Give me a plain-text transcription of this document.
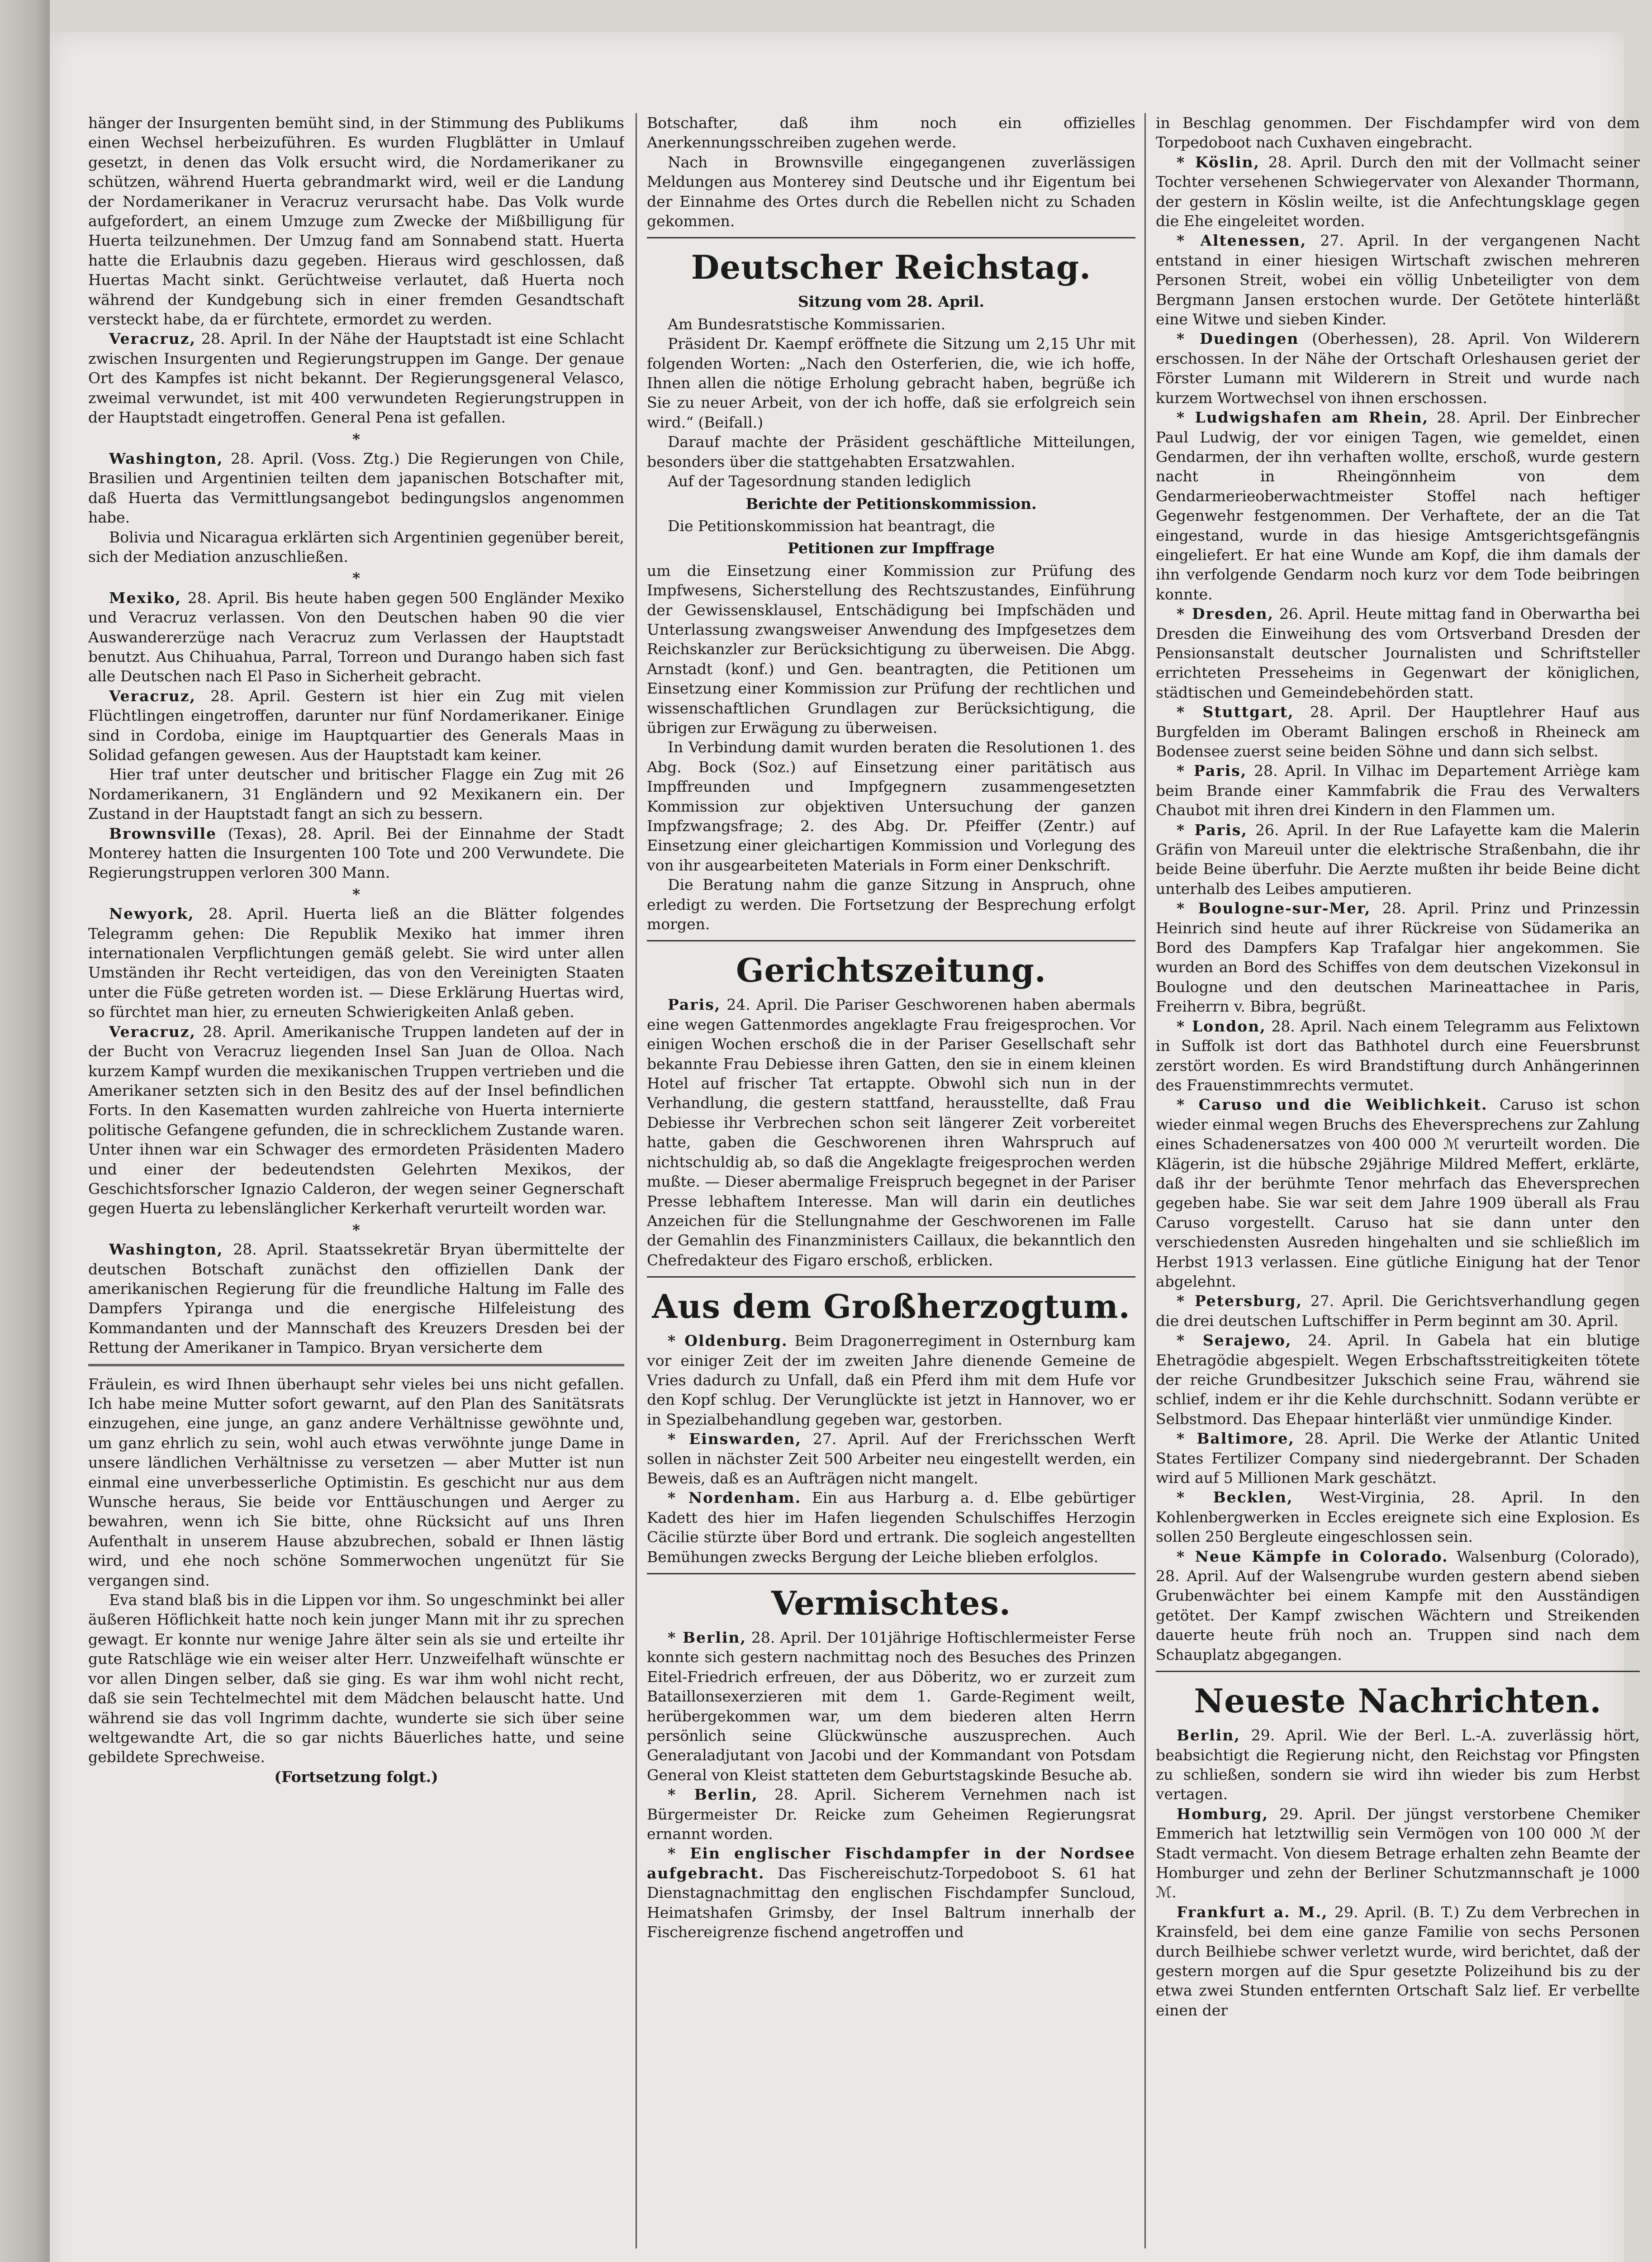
hänger der Insurgenten bemüht sind, in der Stimmung des Publikums einen Wechsel herbeizuführen. Es wurden Flugblätter in Umlauf gesetzt, in denen das Volk ersucht wird, die Nordamerikaner zu schützen, während Huerta gebrandmarkt wird, weil er die Landung der Nordamerikaner in Veracruz verursacht habe. Das Volk wurde aufgefordert, an einem Umzuge zum Zwecke der Mißbilligung für Huerta teilzunehmen. Der Umzug fand am Sonnabend statt. Huerta hatte die Erlaubnis dazu gegeben. Hieraus wird geschlossen, daß Huertas Macht sinkt. Gerüchtweise verlautet, daß Huerta noch während der Kundgebung sich in einer fremden Gesandtschaft versteckt habe, da er fürchtete, ermordet zu werden.

Veracruz, 28. April. In der Nähe der Hauptstadt ist eine Schlacht zwischen Insurgenten und Regierungstruppen im Gange. Der genaue Ort des Kampfes ist nicht bekannt. Der Regierungsgeneral Velasco, zweimal verwundet, ist mit 400 verwundeten Regierungstruppen in der Hauptstadt eingetroffen. General Pena ist gefallen.

*

Washington, 28. April. (Voss. Ztg.) Die Regierungen von Chile, Brasilien und Argentinien teilten dem japanischen Botschafter mit, daß Huerta das Vermittlungsangebot bedingungslos angenommen habe.

Bolivia und Nicaragua erklärten sich Argentinien gegenüber bereit, sich der Mediation anzuschließen.

*

Mexiko, 28. April. Bis heute haben gegen 500 Engländer Mexiko und Veracruz verlassen. Von den Deutschen haben 90 die vier Auswandererzüge nach Veracruz zum Verlassen der Hauptstadt benutzt. Aus Chihuahua, Parral, Torreon und Durango haben sich fast alle Deutschen nach El Paso in Sicherheit gebracht.

Veracruz, 28. April. Gestern ist hier ein Zug mit vielen Flüchtlingen eingetroffen, darunter nur fünf Nordamerikaner. Einige sind in Cordoba, einige im Hauptquartier des Generals Maas in Solidad gefangen gewesen. Aus der Hauptstadt kam keiner.

Hier traf unter deutscher und britischer Flagge ein Zug mit 26 Nordamerikanern, 31 Engländern und 92 Mexikanern ein. Der Zustand in der Hauptstadt fangt an sich zu bessern.

Brownsville (Texas), 28. April. Bei der Einnahme der Stadt Monterey hatten die Insurgenten 100 Tote und 200 Verwundete. Die Regierungstruppen verloren 300 Mann.

*

Newyork, 28. April. Huerta ließ an die Blätter folgendes Telegramm gehen: Die Republik Mexiko hat immer ihren internationalen Verpflichtungen gemäß gelebt. Sie wird unter allen Umständen ihr Recht verteidigen, das von den Vereinigten Staaten unter die Füße getreten worden ist. — Diese Erklärung Huertas wird, so fürchtet man hier, zu erneuten Schwierigkeiten Anlaß geben.

Veracruz, 28. April. Amerikanische Truppen landeten auf der in der Bucht von Veracruz liegenden Insel San Juan de Olloa. Nach kurzem Kampf wurden die mexikanischen Truppen vertrieben und die Amerikaner setzten sich in den Besitz des auf der Insel befindlichen Forts. In den Kasematten wurden zahlreiche von Huerta internierte politische Gefangene gefunden, die in schrecklichem Zustande waren. Unter ihnen war ein Schwager des ermordeten Präsidenten Madero und einer der bedeutendsten Gelehrten Mexikos, der Geschichtsforscher Ignazio Calderon, der wegen seiner Gegnerschaft gegen Huerta zu lebenslänglicher Kerkerhaft verurteilt worden war.

*

Washington, 28. April. Staatssekretär Bryan übermittelte der deutschen Botschaft zunächst den offiziellen Dank der amerikanischen Regierung für die freundliche Haltung im Falle des Dampfers Ypiranga und die energische Hilfeleistung des Kommandanten und der Mannschaft des Kreuzers Dresden bei der Rettung der Amerikaner in Tampico. Bryan versicherte dem

Fräulein, es wird Ihnen überhaupt sehr vieles bei uns nicht gefallen. Ich habe meine Mutter sofort gewarnt, auf den Plan des Sanitätsrats einzugehen, eine junge, an ganz andere Verhältnisse gewöhnte und, um ganz ehrlich zu sein, wohl auch etwas verwöhnte junge Dame in unsere ländlichen Verhältnisse zu versetzen — aber Mutter ist nun einmal eine unverbesserliche Optimistin. Es geschicht nur aus dem Wunsche heraus, Sie beide vor Enttäuschungen und Aerger zu bewahren, wenn ich Sie bitte, ohne Rücksicht auf uns Ihren Aufenthalt in unserem Hause abzubrechen, sobald er Ihnen lästig wird, und ehe noch schöne Sommerwochen ungenützt für Sie vergangen sind.

Eva stand blaß bis in die Lippen vor ihm. So ungeschminkt bei aller äußeren Höflichkeit hatte noch kein junger Mann mit ihr zu sprechen gewagt. Er konnte nur wenige Jahre älter sein als sie und erteilte ihr gute Ratschläge wie ein weiser alter Herr. Unzweifelhaft wünschte er vor allen Dingen selber, daß sie ging. Es war ihm wohl nicht recht, daß sie sein Techtelmechtel mit dem Mädchen belauscht hatte. Und während sie das voll Ingrimm dachte, wunderte sie sich über seine weltgewandte Art, die so gar nichts Bäuerliches hatte, und seine gebildete Sprechweise.

(Fortsetzung folgt.)

Botschafter, daß ihm noch ein offizielles Anerkennungsschreiben zugehen werde.

Nach in Brownsville eingegangenen zuverlässigen Meldungen aus Monterey sind Deutsche und ihr Eigentum bei der Einnahme des Ortes durch die Rebellen nicht zu Schaden gekommen.

Deutscher Reichstag.
Sitzung vom 28. April.

Am Bundesratstische Kommissarien.

Präsident Dr. Kaempf eröffnete die Sitzung um 2,15 Uhr mit folgenden Worten: „Nach den Osterferien, die, wie ich hoffe, Ihnen allen die nötige Erholung gebracht haben, begrüße ich Sie zu neuer Arbeit, von der ich hoffe, daß sie erfolgreich sein wird.“ (Beifall.)

Darauf machte der Präsident geschäftliche Mitteilungen, besonders über die stattgehabten Ersatzwahlen.

Auf der Tagesordnung standen lediglich

Berichte der Petitionskommission.

Die Petitionskommission hat beantragt, die

Petitionen zur Impffrage

um die Einsetzung einer Kommission zur Prüfung des Impfwesens, Sicherstellung des Rechtszustandes, Einführung der Gewissensklausel, Entschädigung bei Impfschäden und Unterlassung zwangsweiser Anwendung des Impfgesetzes dem Reichskanzler zur Berücksichtigung zu überweisen. Die Abgg. Arnstadt (konf.) und Gen. beantragten, die Petitionen um Einsetzung einer Kommission zur Prüfung der rechtlichen und wissenschaftlichen Grundlagen zur Berücksichtigung, die übrigen zur Erwägung zu überweisen.

In Verbindung damit wurden beraten die Resolutionen 1. des Abg. Bock (Soz.) auf Einsetzung einer paritätisch aus Impffreunden und Impfgegnern zusammengesetzten Kommission zur objektiven Untersuchung der ganzen Impfzwangsfrage; 2. des Abg. Dr. Pfeiffer (Zentr.) auf Einsetzung einer gleichartigen Kommission und Vorlegung des von ihr ausgearbeiteten Materials in Form einer Denkschrift.

Die Beratung nahm die ganze Sitzung in Anspruch, ohne erledigt zu werden. Die Fortsetzung der Besprechung erfolgt morgen.

Gerichtszeitung.

Paris, 24. April. Die Pariser Geschworenen haben abermals eine wegen Gattenmordes angeklagte Frau freigesprochen. Vor einigen Wochen erschoß die in der Pariser Gesellschaft sehr bekannte Frau Debiesse ihren Gatten, den sie in einem kleinen Hotel auf frischer Tat ertappte. Obwohl sich nun in der Verhandlung, die gestern stattfand, herausstellte, daß Frau Debiesse ihr Verbrechen schon seit längerer Zeit vorbereitet hatte, gaben die Geschworenen ihren Wahrspruch auf nichtschuldig ab, so daß die Angeklagte freigesprochen werden mußte. — Dieser abermalige Freispruch begegnet in der Pariser Presse lebhaftem Interesse. Man will darin ein deutliches Anzeichen für die Stellungnahme der Geschworenen im Falle der Gemahlin des Finanzministers Caillaux, die bekanntlich den Chefredakteur des Figaro erschoß, erblicken.

Aus dem Großherzogtum.

* Oldenburg. Beim Dragonerregiment in Osternburg kam vor einiger Zeit der im zweiten Jahre dienende Gemeine de Vries dadurch zu Unfall, daß ein Pferd ihm mit dem Hufe vor den Kopf schlug. Der Verunglückte ist jetzt in Hannover, wo er in Spezialbehandlung gegeben war, gestorben.

* Einswarden, 27. April. Auf der Frerichsschen Werft sollen in nächster Zeit 500 Arbeiter neu eingestellt werden, ein Beweis, daß es an Aufträgen nicht mangelt.

* Nordenham. Ein aus Harburg a. d. Elbe gebürtiger Kadett des hier im Hafen liegenden Schulschiffes Herzogin Cäcilie stürzte über Bord und ertrank. Die sogleich angestellten Bemühungen zwecks Bergung der Leiche blieben erfolglos.

Vermischtes.

* Berlin, 28. April. Der 101jährige Hoftischlermeister Ferse konnte sich gestern nachmittag noch des Besuches des Prinzen Eitel-Friedrich erfreuen, der aus Döberitz, wo er zurzeit zum Bataillonsexerzieren mit dem 1. Garde-Regiment weilt, herübergekommen war, um dem biederen alten Herrn persönlich seine Glückwünsche auszusprechen. Auch Generaladjutant von Jacobi und der Kommandant von Potsdam General von Kleist statteten dem Geburtstagskinde Besuche ab.

* Berlin, 28. April. Sicherem Vernehmen nach ist Bürgermeister Dr. Reicke zum Geheimen Regierungsrat ernannt worden.

* Ein englischer Fischdampfer in der Nordsee aufgebracht. Das Fischereischutz-Torpedoboot S. 61 hat Dienstagnachmittag den englischen Fischdampfer Suncloud, Heimatshafen Grimsby, der Insel Baltrum innerhalb der Fischereigrenze fischend angetroffen und

in Beschlag genommen. Der Fischdampfer wird von dem Torpedoboot nach Cuxhaven eingebracht.

* Köslin, 28. April. Durch den mit der Vollmacht seiner Tochter versehenen Schwiegervater von Alexander Thormann, der gestern in Köslin weilte, ist die Anfechtungsklage gegen die Ehe eingeleitet worden.

* Altenessen, 27. April. In der vergangenen Nacht entstand in einer hiesigen Wirtschaft zwischen mehreren Personen Streit, wobei ein völlig Unbeteiligter von dem Bergmann Jansen erstochen wurde. Der Getötete hinterläßt eine Witwe und sieben Kinder.

* Duedingen (Oberhessen), 28. April. Von Wilderern erschossen. In der Nähe der Ortschaft Orleshausen geriet der Förster Lumann mit Wilderern in Streit und wurde nach kurzem Wortwechsel von ihnen erschossen.

* Ludwigshafen am Rhein, 28. April. Der Einbrecher Paul Ludwig, der vor einigen Tagen, wie gemeldet, einen Gendarmen, der ihn verhaften wollte, erschoß, wurde gestern nacht in Rheingönnheim von dem Gendarmerieoberwachtmeister Stoffel nach heftiger Gegenwehr festgenommen. Der Verhaftete, der an die Tat eingestand, wurde in das hiesige Amtsgerichtsgefängnis eingeliefert. Er hat eine Wunde am Kopf, die ihm damals der ihn verfolgende Gendarm noch kurz vor dem Tode beibringen konnte.

* Dresden, 26. April. Heute mittag fand in Oberwartha bei Dresden die Einweihung des vom Ortsverband Dresden der Pensionsanstalt deutscher Journalisten und Schriftsteller errichteten Presseheims in Gegenwart der königlichen, städtischen und Gemeindebehörden statt.

* Stuttgart, 28. April. Der Hauptlehrer Hauf aus Burgfelden im Oberamt Balingen erschoß in Rheineck am Bodensee zuerst seine beiden Söhne und dann sich selbst.

* Paris, 28. April. In Vilhac im Departement Arriège kam beim Brande einer Kammfabrik die Frau des Verwalters Chaubot mit ihren drei Kindern in den Flammen um.

* Paris, 26. April. In der Rue Lafayette kam die Malerin Gräfin von Mareuil unter die elektrische Straßenbahn, die ihr beide Beine überfuhr. Die Aerzte mußten ihr beide Beine dicht unterhalb des Leibes amputieren.

* Boulogne-sur-Mer, 28. April. Prinz und Prinzessin Heinrich sind heute auf ihrer Rückreise von Südamerika an Bord des Dampfers Kap Trafalgar hier angekommen. Sie wurden an Bord des Schiffes von dem deutschen Vizekonsul in Boulogne und den deutschen Marineattachee in Paris, Freiherrn v. Bibra, begrüßt.

* London, 28. April. Nach einem Telegramm aus Felixtown in Suffolk ist dort das Bathhotel durch eine Feuersbrunst zerstört worden. Es wird Brandstiftung durch Anhängerinnen des Frauenstimmrechts vermutet.

* Caruso und die Weiblichkeit. Caruso ist schon wieder einmal wegen Bruchs des Eheversprechens zur Zahlung eines Schadenersatzes von 400 000 ℳ verurteilt worden. Die Klägerin, ist die hübsche 29jährige Mildred Meffert, erklärte, daß ihr der berühmte Tenor mehrfach das Eheversprechen gegeben habe. Sie war seit dem Jahre 1909 überall als Frau Caruso vorgestellt. Caruso hat sie dann unter den verschiedensten Ausreden hingehalten und sie schließlich im Herbst 1913 verlassen. Eine gütliche Einigung hat der Tenor abgelehnt.

* Petersburg, 27. April. Die Gerichtsverhandlung gegen die drei deutschen Luftschiffer in Perm beginnt am 30. April.

* Serajewo, 24. April. In Gabela hat ein blutige Ehetragödie abgespielt. Wegen Erbschaftsstreitigkeiten tötete der reiche Grundbesitzer Jukschich seine Frau, während sie schlief, indem er ihr die Kehle durchschnitt. Sodann verübte er Selbstmord. Das Ehepaar hinterläßt vier unmündige Kinder.

* Baltimore, 28. April. Die Werke der Atlantic United States Fertilizer Company sind niedergebrannt. Der Schaden wird auf 5 Millionen Mark geschätzt.

* Becklen, West-Virginia, 28. April. In den Kohlenbergwerken in Eccles ereignete sich eine Explosion. Es sollen 250 Bergleute eingeschlossen sein.

* Neue Kämpfe in Colorado. Walsenburg (Colorado), 28. April. Auf der Walsengrube wurden gestern abend sieben Grubenwächter bei einem Kampfe mit den Ausständigen getötet. Der Kampf zwischen Wächtern und Streikenden dauerte heute früh noch an. Truppen sind nach dem Schauplatz abgegangen.

Neueste Nachrichten.

Berlin, 29. April. Wie der Berl. L.-A. zuverlässig hört, beabsichtigt die Regierung nicht, den Reichstag vor Pfingsten zu schließen, sondern sie wird ihn wieder bis zum Herbst vertagen.

Homburg, 29. April. Der jüngst verstorbene Chemiker Emmerich hat letztwillig sein Vermögen von 100 000 ℳ der Stadt vermacht. Von diesem Betrage erhalten zehn Beamte der Homburger und zehn der Berliner Schutzmannschaft je 1000 ℳ.

Frankfurt a. M., 29. April. (B. T.) Zu dem Verbrechen in Krainsfeld, bei dem eine ganze Familie von sechs Personen durch Beilhiebe schwer verletzt wurde, wird berichtet, daß der gestern morgen auf die Spur gesetzte Polizeihund bis zu der etwa zwei Stunden entfernten Ortschaft Salz lief. Er verbellte einen der
